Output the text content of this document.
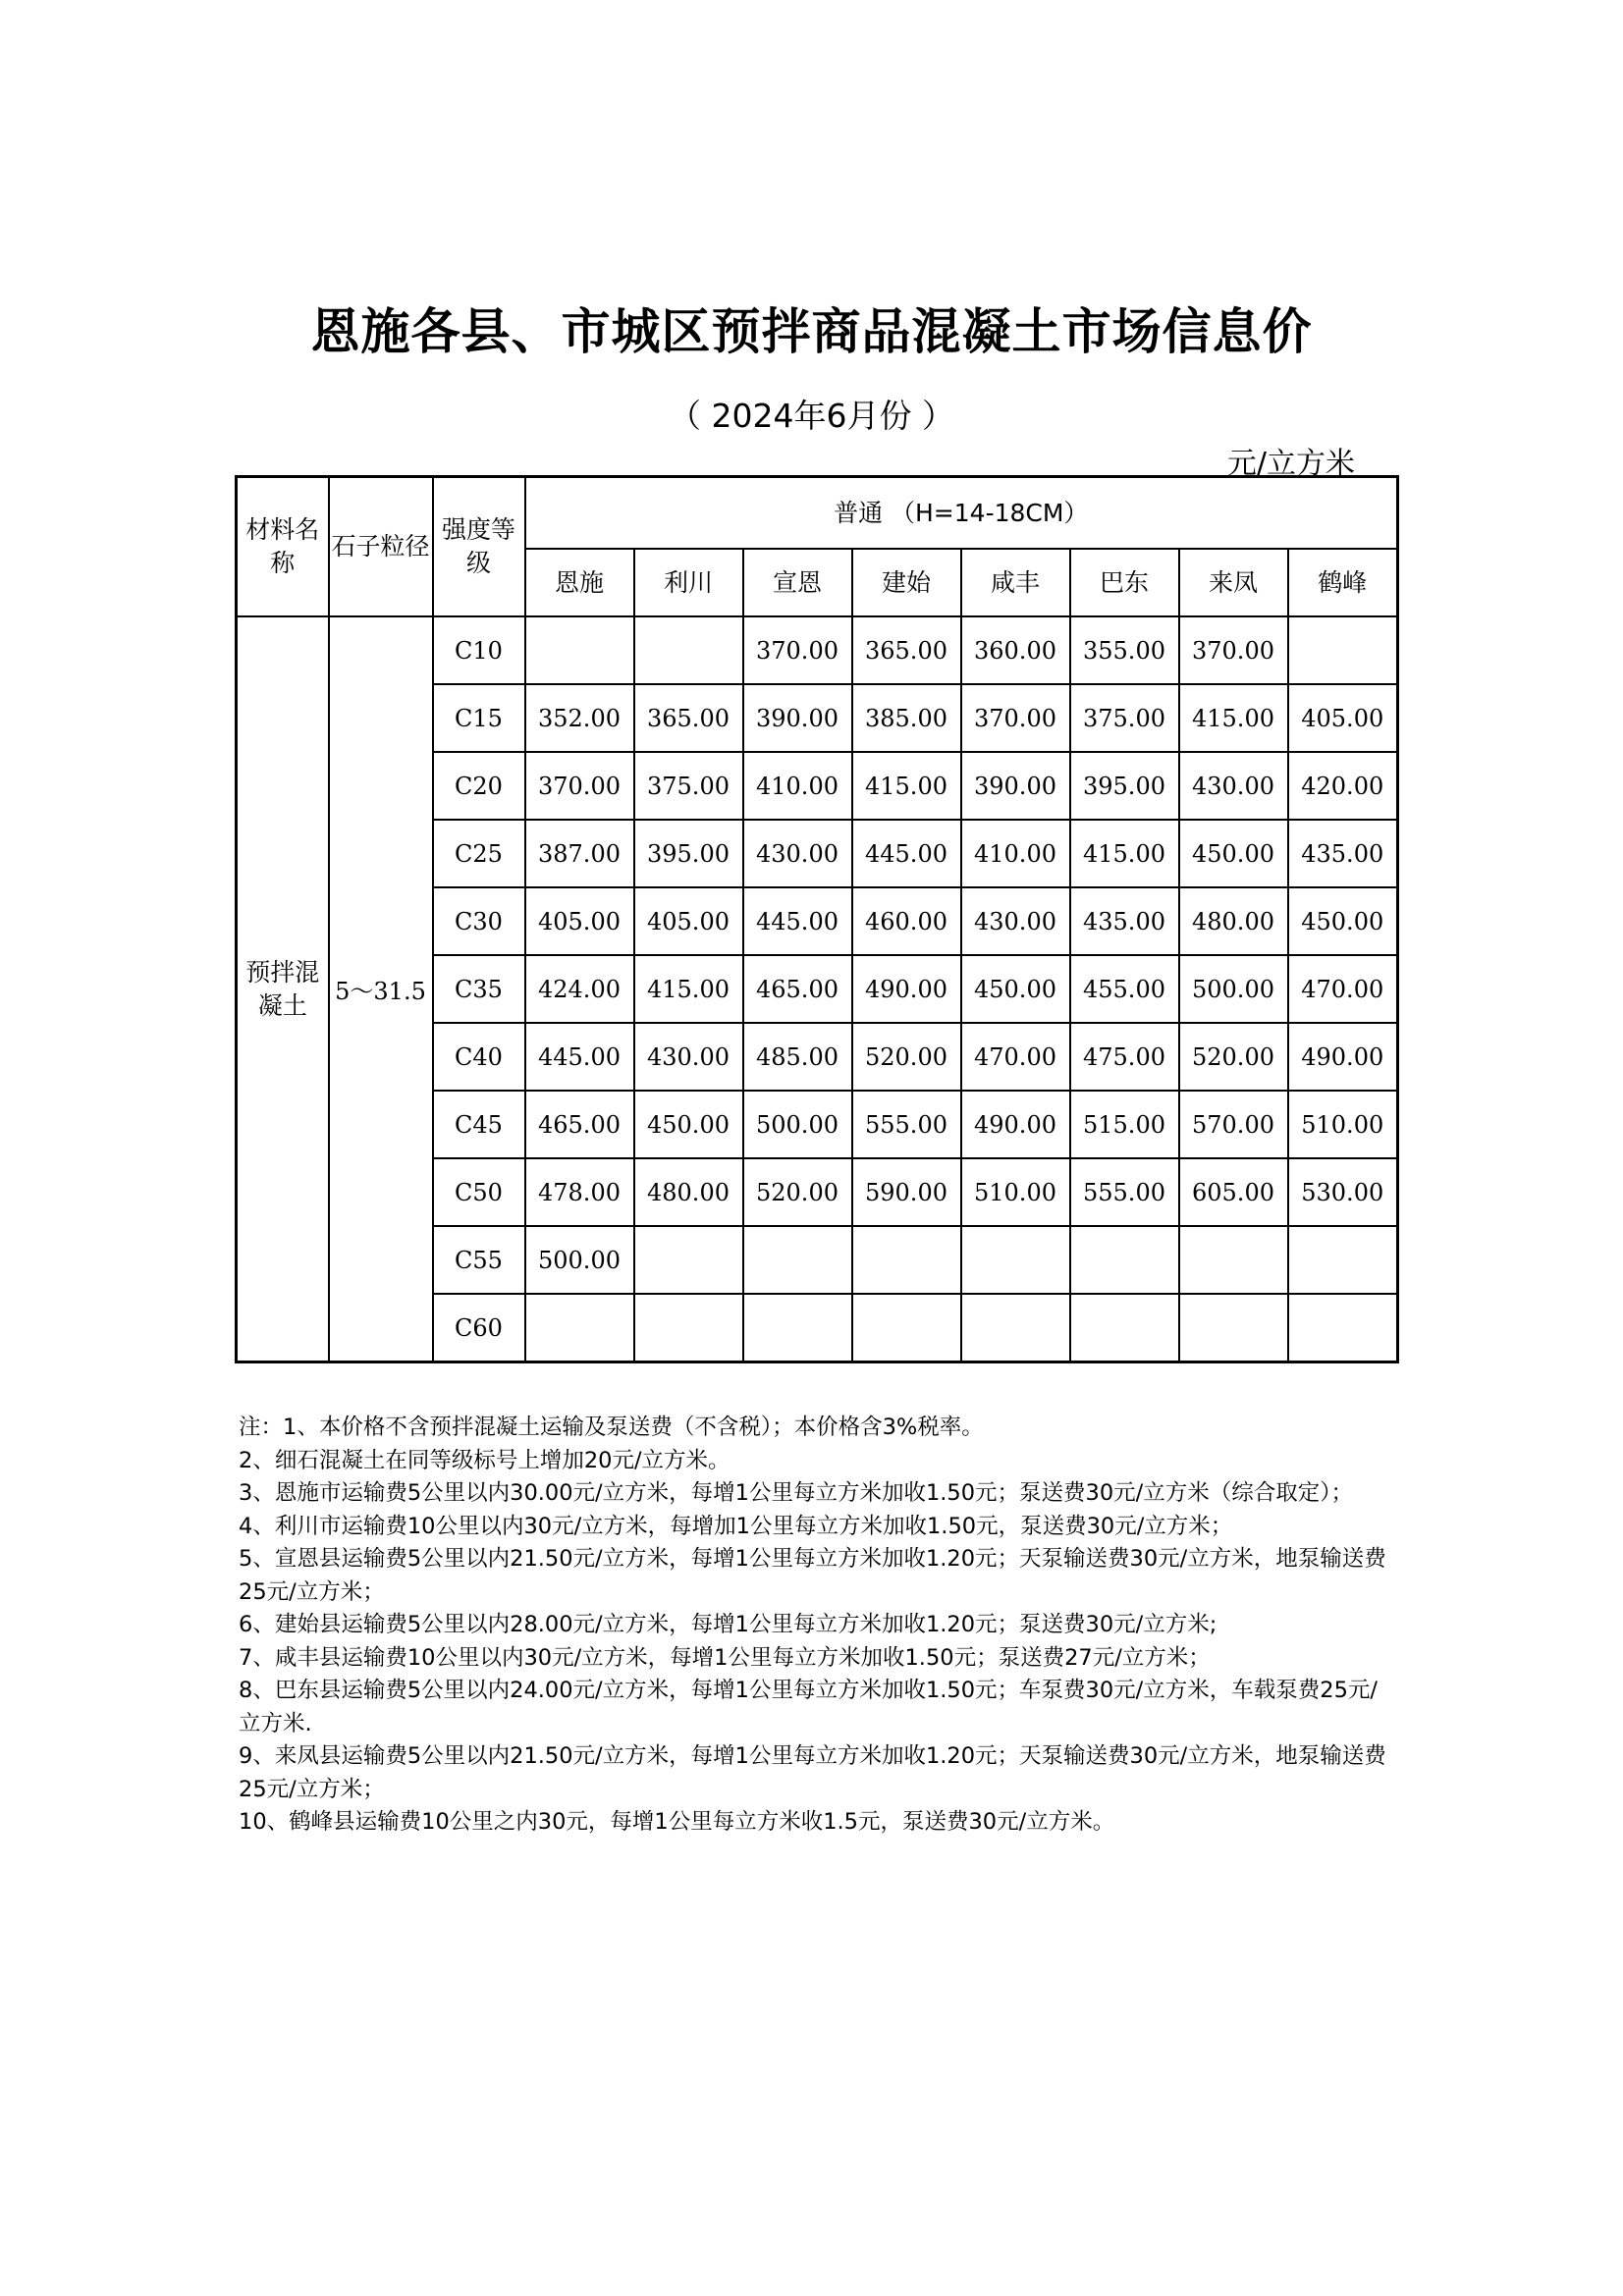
恩施各县、市城区预拌商品混凝土市场信息价
（ 2024年6月份 ）
元/立方米
材料名称	石子粒径	强度等级	普通 （H=14-18CM）							
			恩施	利川	宣恩	建始	咸丰	巴东	来凤	鹤峰
预拌混凝土	5～31.5	C10			370.00	365.00	360.00	355.00	370.00	
		C15	352.00	365.00	390.00	385.00	370.00	375.00	415.00	405.00
		C20	370.00	375.00	410.00	415.00	390.00	395.00	430.00	420.00
		C25	387.00	395.00	430.00	445.00	410.00	415.00	450.00	435.00
		C30	405.00	405.00	445.00	460.00	430.00	435.00	480.00	450.00
		C35	424.00	415.00	465.00	490.00	450.00	455.00	500.00	470.00
		C40	445.00	430.00	485.00	520.00	470.00	475.00	520.00	490.00
		C45	465.00	450.00	500.00	555.00	490.00	515.00	570.00	510.00
		C50	478.00	480.00	520.00	590.00	510.00	555.00	605.00	530.00
		C55	500.00							
		C60								

注：1、本价格不含预拌混凝土运输及泵送费（不含税）；本价格含3%税率。

2、细石混凝土在同等级标号上增加20元/立方米。

3、恩施市运输费5公里以内30.00元/立方米，每增1公里每立方米加收1.50元；泵送费30元/立方米（综合取定）；

4、利川市运输费10公里以内30元/立方米，每增加1公里每立方米加收1.50元，泵送费30元/立方米；

5、宣恩县运输费5公里以内21.50元/立方米，每增1公里每立方米加收1.20元；天泵输送费30元/立方米，地泵输送费25元/立方米；

6、建始县运输费5公里以内28.00元/立方米，每增1公里每立方米加收1.20元；泵送费30元/立方米;

7、咸丰县运输费10公里以内30元/立方米，每增1公里每立方米加收1.50元；泵送费27元/立方米；

8、巴东县运输费5公里以内24.00元/立方米，每增1公里每立方米加收1.50元；车泵费30元/立方米，车载泵费25元/立方米.

9、来凤县运输费5公里以内21.50元/立方米，每增1公里每立方米加收1.20元；天泵输送费30元/立方米，地泵输送费25元/立方米；

10、鹤峰县运输费10公里之内30元，每增1公里每立方米收1.5元，泵送费30元/立方米。
